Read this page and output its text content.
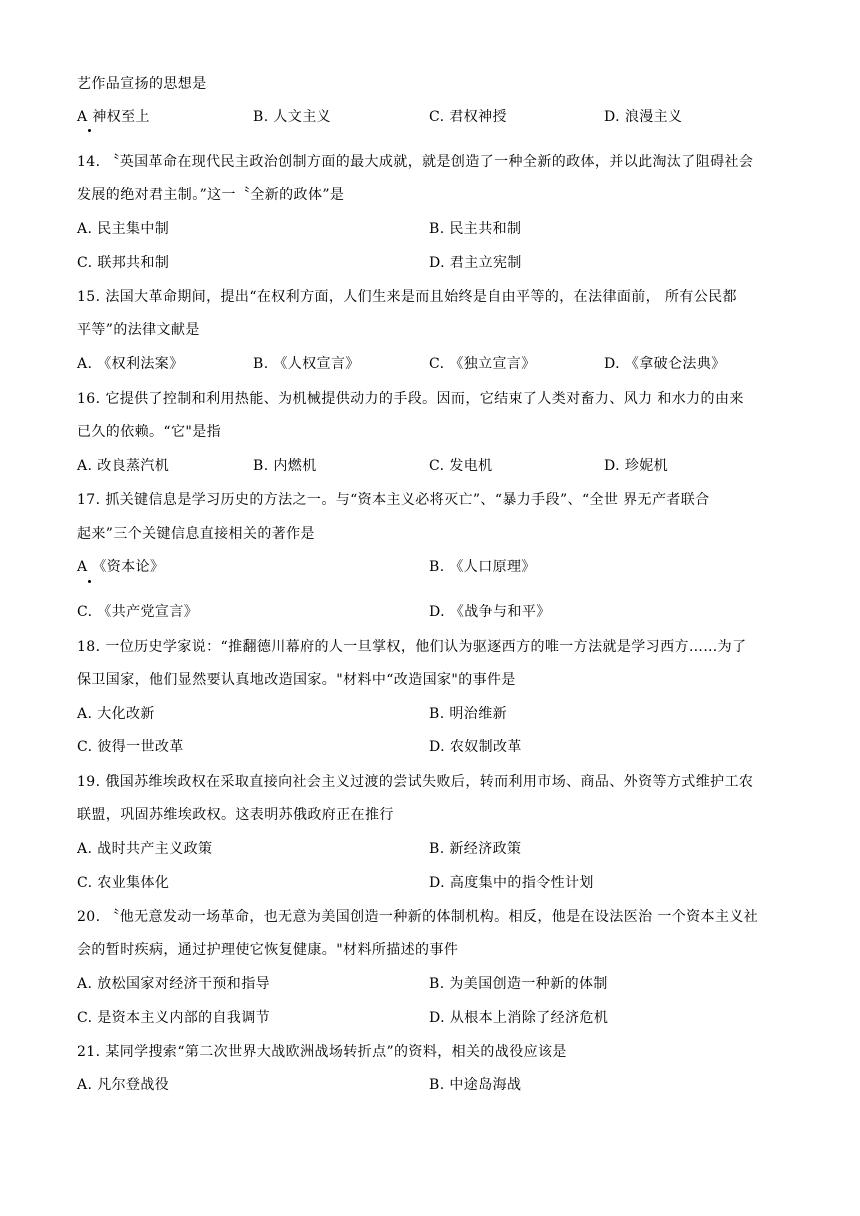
艺作品宣扬的思想是
A 神权至上	B. 人文主义	C. 君权神授	D. 浪漫主义
14. 〝英国革命在现代民主政治创制方面的最大成就，就是创造了一种全新的政体，并以此淘汰了阻碍社会
发展的绝对君主制。”这一〝全新的政体”是
A. 民主集中制	B. 民主共和制
C. 联邦共和制	D. 君主立宪制
15. 法国大革命期间，提出“在权利方面，人们生来是而且始终是自由平等的，在法律面前， 所有公民都
平等”的法律文献是
A. 《权利法案》	B. 《人权宣言》	C. 《独立宣言》	D. 《拿破仑法典》
16. 它提供了控制和利用热能、为机械提供动力的手段。因而，它结束了人类对畜力、风力 和水力的由来
已久的依赖。“它"是指
A. 改良蒸汽机	B. 内燃机	C. 发电机	D. 珍妮机
17. 抓关键信息是学习历史的方法之一。与“资本主义必将灭亡”、“暴力手段”、“全世 界无产者联合
起来”三个关键信息直接相关的著作是
A 《资本论》	B. 《人口原理》
C. 《共产党宣言》	D. 《战争与和平》
18. 一位历史学家说：“推翻德川幕府的人一旦掌权，他们认为驱逐西方的唯一方法就是学习西方……为了
保卫国家，他们显然要认真地改造国家。"材料中“改造国家"的事件是
A. 大化改新	B. 明治维新
C. 彼得一世改革	D. 农奴制改革
19. 俄国苏维埃政权在采取直接向社会主义过渡的尝试失败后，转而利用市场、商品、外资等方式维护工农
联盟，巩固苏维埃政权。这表明苏俄政府正在推行
A. 战时共产主义政策	B. 新经济政策
C. 农业集体化	D. 高度集中的指令性计划
20. 〝他无意发动一场革命，也无意为美国创造一种新的体制机构。相反，他是在设法医治 一个资本主义社
会的暂时疾病，通过护理使它恢复健康。"材料所描述的事件
A. 放松国家对经济干预和指导	B. 为美国创造一种新的体制
C. 是资本主义内部的自我调节	D. 从根本上消除了经济危机
21. 某同学搜索“第二次世界大战欧洲战场转折点”的资料，相关的战役应该是
A. 凡尔登战役	B. 中途岛海战
